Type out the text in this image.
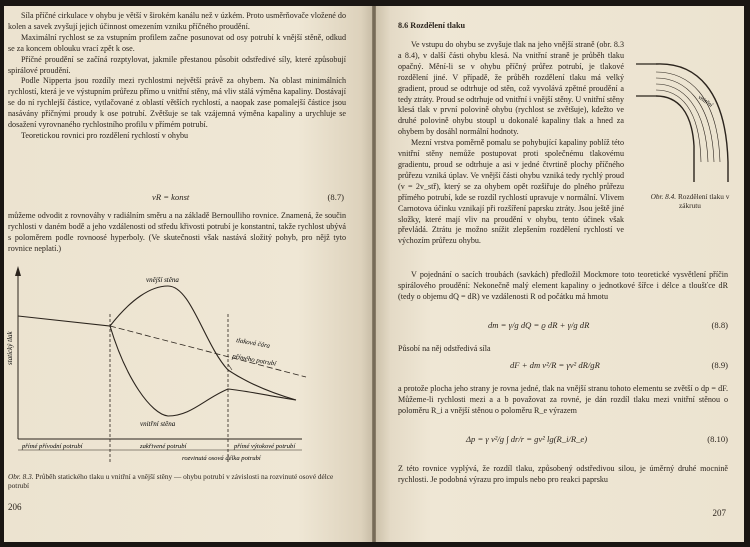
Síla příčné cirkulace v ohybu je větší v širokém kanálu než v úzkém. Proto usměrňovače vložené do kolen a savek zvyšují jejich účinnost omezením vzniku příčného proudění.

Maximální rychlost se za vstupním profilem začne posunovat od osy potrubí k vnější stěně, odkud se za koncem oblouku vrací zpět k ose.

Příčné proudění se začíná rozptylovat, jakmile přestanou působit odstředivé síly, které způsobují spirálové proudění.

Podle Nipperta jsou rozdíly mezi rychlostmi největší právě za ohybem. Na oblast minimálních rychlostí, která je ve výstupním průřezu přímo u vnitřní stěny, má vliv stálá výměna kapaliny. Dostávají se do ní rychlejší částice, vytlačované z oblastí větších rychlostí, a naopak zase pomalejší částice jsou nasávány příčnými proudy k ose potrubí. Zvětšuje se tak vzájemná výměna kapaliny a urychluje se dosažení vyrovnaného rychlostního profilu v přímém potrubí.

Teoretickou rovnici pro rozdělení rychlostí v ohybu

vR = konst	(8.7)

můžeme odvodit z rovnováhy v radiálním směru a na základě Bernoulliho rovnice. Znamená, že součin rychlosti v daném bodě a jeho vzdálenosti od středu křivosti potrubí je konstantní, takže rychlost ubývá s poloměrem podle rovnoosé hyperboly. (Ve skutečnosti však nastává složitý pohyb, pro nějž tyto rovnice neplatí.)

statický tlak
vnější stěna
tlaková čára
přímého potrubí
vnitřní stěna
přímé přívodní potrubí	zakřivené potrubí	přímé výtokové potrubí
rozvinutá osová délka potrubí
Obr. 8.3. Průběh statického tlaku u vnitřní a vnější stěny — ohybu potrubí v závislosti na rozvinuté osové délce potrubí
206
8.6 Rozdělení tlaku

Ve vstupu do ohybu se zvyšuje tlak na jeho vnější straně (obr. 8.3 a 8.4), v další části ohybu klesá. Na vnitřní straně je průběh tlaku opačný. Mění-li se v ohybu příčný průřez potrubí, je tlakové rozdělení jiné. V případě, že průběh rozdělení tlaku má velký gradient, proud se odtrhuje od stěn, což vyvolává zpětné proudění a tedy ztráty. Proud se odtrhuje od vnitřní i vnější stěny. U vnitřní stěny klesá tlak v první polovině ohybu (rychlost se zvětšuje), kdežto ve druhé polovině ohybu stoupl u dokonalé kapaliny tlak a hned za ohybem by dosáhl normální hodnoty.

Mezní vrstva poměrně pomalu se pohybující kapaliny poblíž této vnitřní stěny nemůže postupovat proti společnému tlakovému gradientu, proud se odtrhuje a asi v jedné čtvrtině plochy příčného průřezu vzniká úplav. Ve vnější části ohybu vzniká tedy rychlý proud (v = 2v_stř), který se za ohybem opět rozšiřuje do plného průřezu přímého potrubí, kde se rozdíl rychlostí upravuje v normální. Vlivem Carnotova účinku vznikají při rozšíření paprsku ztráty. Jsou ještě jiné složky, které mají vliv na proudění v ohybu, tento účinek však převládá. Ztrátu je možno snížit zlepšením rozdělení rychlostí ve výchozím průřezu ohybu.

vnitřní
Obr. 8.4. Rozdělení tlaku v zákrutu

V pojednání o sacích troubách (savkách) předložil Mockmore toto teoretické vysvětlení příčin spirálového proudění: Nekonečně malý element kapaliny o jednotkové šířce i délce a tloušťce dR (tedy o objemu dQ = dR) ve vzdálenosti R od počátku má hmotu

dm = γ/g dQ = ϱ dR + γ/g dR	(8.8)

Působí na něj odstředivá síla

dF + dm v²/R = γv² dR/gR	(8.9)

a protože plocha jeho strany je rovna jedné, tlak na vnější stranu tohoto elementu se zvětší o dp = dF. Můžeme-li rychlosti mezi a a b považovat za rovné, je dán rozdíl tlaku mezi vnitřní stěnou o poloměru R_i a vnější stěnou o poloměru R_e výrazem

Δp = γ v²/g ∫ dr/r = gv² lg(R_i/R_e)	(8.10)

Z této rovnice vyplývá, že rozdíl tlaku, způsobený odstředivou silou, je úměrný druhé mocnině rychlosti. Je podobná výrazu pro impuls nebo pro reakci paprsku

207
